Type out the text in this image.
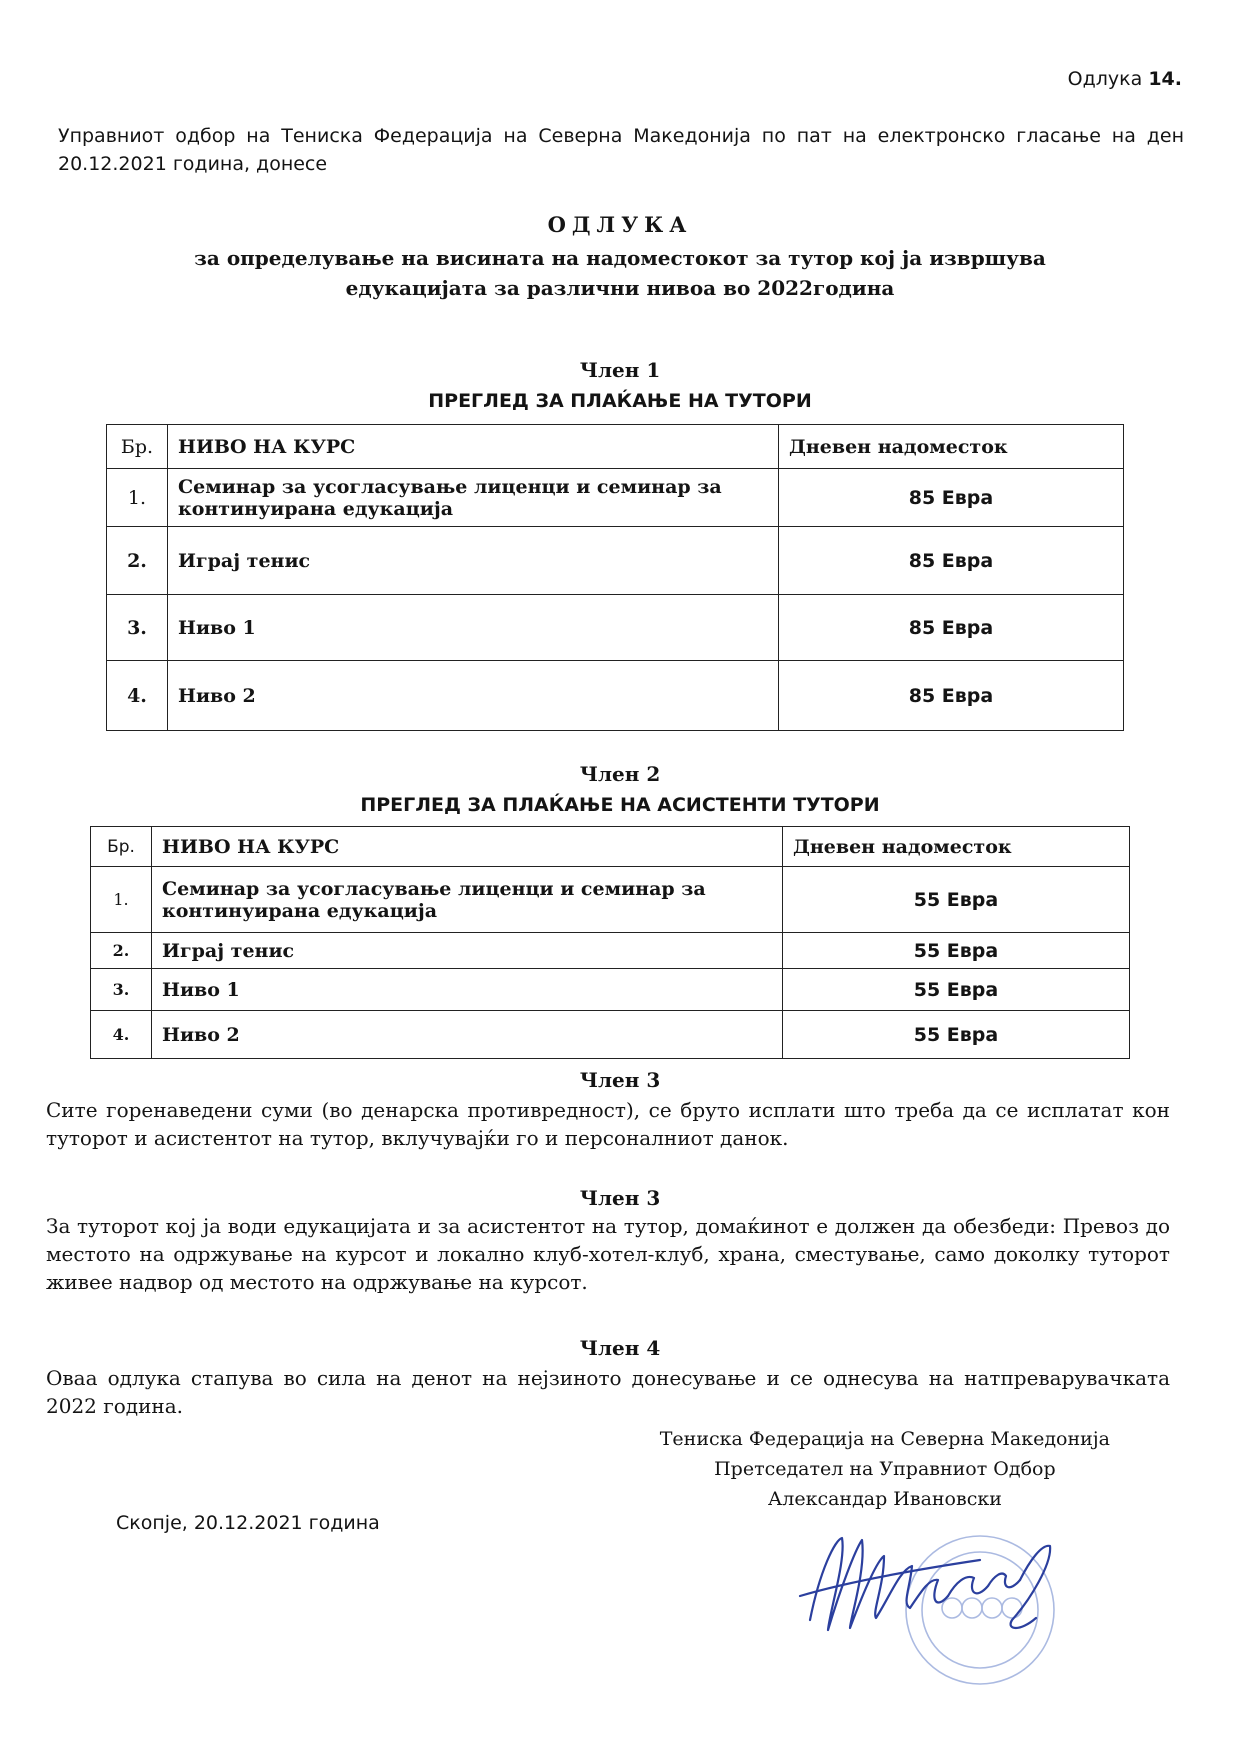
Одлука 14.
Управниот одбор на Тениска Федерација на Северна Македонија по пат на електронско гласање на ден 20.12.2021 година, донесе
ОДЛУКА
за определување на висината на надоместокот за тутор кој ја извршува
едукацијата за различни нивоа во 2022година
Член 1
ПРЕГЛЕД ЗА ПЛАЌАЊЕ НА ТУТОРИ
Бр.	НИВО НА КУРС	Дневен надоместок
1.	Семинар за усогласување лиценци и семинар за континуирана едукација	85 Евра
2.	Играј тенис	85 Евра
3.	Ниво 1	85 Евра
4.	Ниво 2	85 Евра
Член 2
ПРЕГЛЕД ЗА ПЛАЌАЊЕ НА АСИСТЕНТИ ТУТОРИ
Бр.	НИВО НА КУРС	Дневен надоместок
1.	Семинар за усогласување лиценци и семинар за континуирана едукација	55 Евра
2.	Играј тенис	55 Евра
3.	Ниво 1	55 Евра
4.	Ниво 2	55 Евра
Член 3
Сите горенаведени суми (во денарска противредност), се бруто исплати што треба да се исплатат кон туторот и асистентот на тутор, вклучувајќи го и персоналниот данок.
Член 3
За туторот кој ја води едукацијата и за асистентот на тутор, домаќинот е должен да обезбеди: Превоз до местото на одржување на курсот и локално клуб-хотел-клуб, храна, сместување, само доколку туторот живее надвор од местото на одржување на курсот.
Член 4
Оваа одлука стапува во сила на денот на нејзиното донесување и се однесува на натпреварувачката 2022 година.
Тениска Федерација на Северна Македонија
Претседател на Управниот Одбор
Александар Ивановски
Скопје, 20.12.2021 година
